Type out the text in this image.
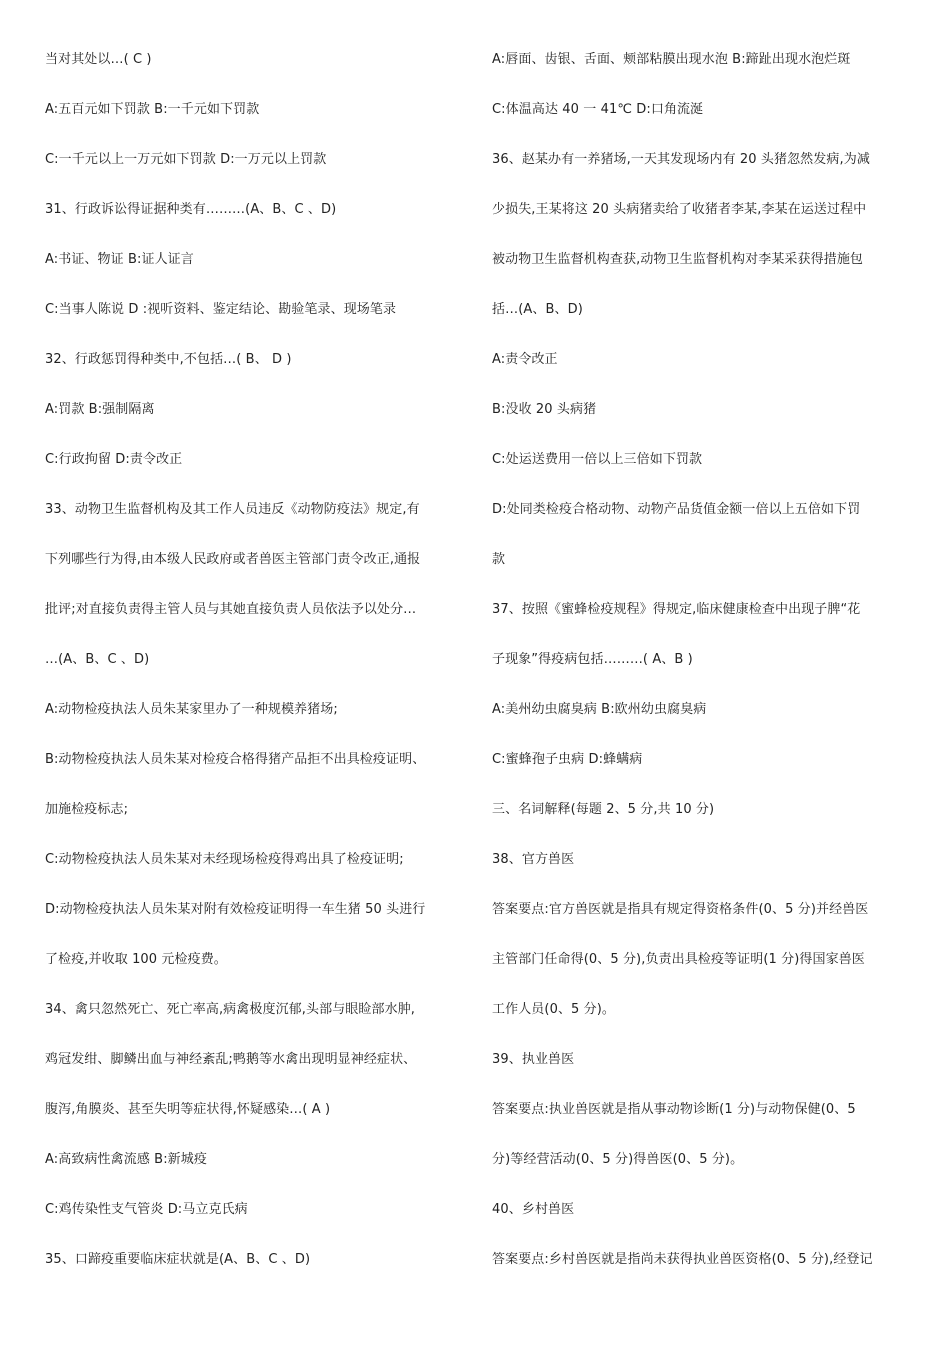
当对其处以…( C )
A:五百元如下罚款 B:一千元如下罚款
C:一千元以上一万元如下罚款 D:一万元以上罚款
31、行政诉讼得证据种类有………(A、B、C 、D)
A:书证、物证 B:证人证言
C:当事人陈说 D :视听资料、鉴定结论、勘验笔录、现场笔录
32、行政惩罚得种类中,不包括…( B、 D )
A:罚款 B:强制隔离
C:行政拘留 D:责令改正
33、动物卫生监督机构及其工作人员违反《动物防疫法》规定,有
下列哪些行为得,由本级人民政府或者兽医主管部门责令改正,通报
批评;对直接负责得主管人员与其她直接负责人员依法予以处分…
…(A、B、C 、D)
A:动物检疫执法人员朱某家里办了一种规模养猪场;
B:动物检疫执法人员朱某对检疫合格得猪产品拒不出具检疫证明、
加施检疫标志;
C:动物检疫执法人员朱某对未经现场检疫得鸡出具了检疫证明;
D:动物检疫执法人员朱某对附有效检疫证明得一车生猪 50 头进行
了检疫,并收取 100 元检疫费。
34、禽只忽然死亡、死亡率高,病禽极度沉郁,头部与眼睑部水肿,
鸡冠发绀、脚鳞出血与神经紊乱;鸭鹅等水禽出现明显神经症状、
腹泻,角膜炎、甚至失明等症状得,怀疑感染…( A )
A:高致病性禽流感 B:新城疫
C:鸡传染性支气管炎 D:马立克氏病
35、口蹄疫重要临床症状就是(A、B、C 、D)
A:唇面、齿银、舌面、颊部粘膜出现水泡 B:蹄趾出现水泡烂斑
C:体温高达 40 一 41℃ D:口角流涎
36、赵某办有一养猪场,一天其发现场内有 20 头猪忽然发病,为减
少损失,王某将这 20 头病猪卖给了收猪者李某,李某在运送过程中
被动物卫生监督机构查获,动物卫生监督机构对李某采获得措施包
括…(A、B、D)
A:责令改正
B:没收 20 头病猪
C:处运送费用一倍以上三倍如下罚款
D:处同类检疫合格动物、动物产品货值金额一倍以上五倍如下罚
款
37、按照《蜜蜂检疫规程》得规定,临床健康检查中出现子脾“花
子现象”得疫病包括………( A、B )
A:美州幼虫腐臭病 B:欧州幼虫腐臭病
C:蜜蜂孢子虫病 D:蜂螨病
三、名词解释(每题 2、5 分,共 10 分)
38、官方兽医
答案要点:官方兽医就是指具有规定得资格条件(0、5 分)并经兽医
主管部门任命得(0、5 分),负责出具检疫等证明(1 分)得国家兽医
工作人员(0、5 分)。
39、执业兽医
答案要点:执业兽医就是指从事动物诊断(1 分)与动物保健(0、5
分)等经营活动(0、5 分)得兽医(0、5 分)。
40、乡村兽医
答案要点:乡村兽医就是指尚未获得执业兽医资格(0、5 分),经登记
